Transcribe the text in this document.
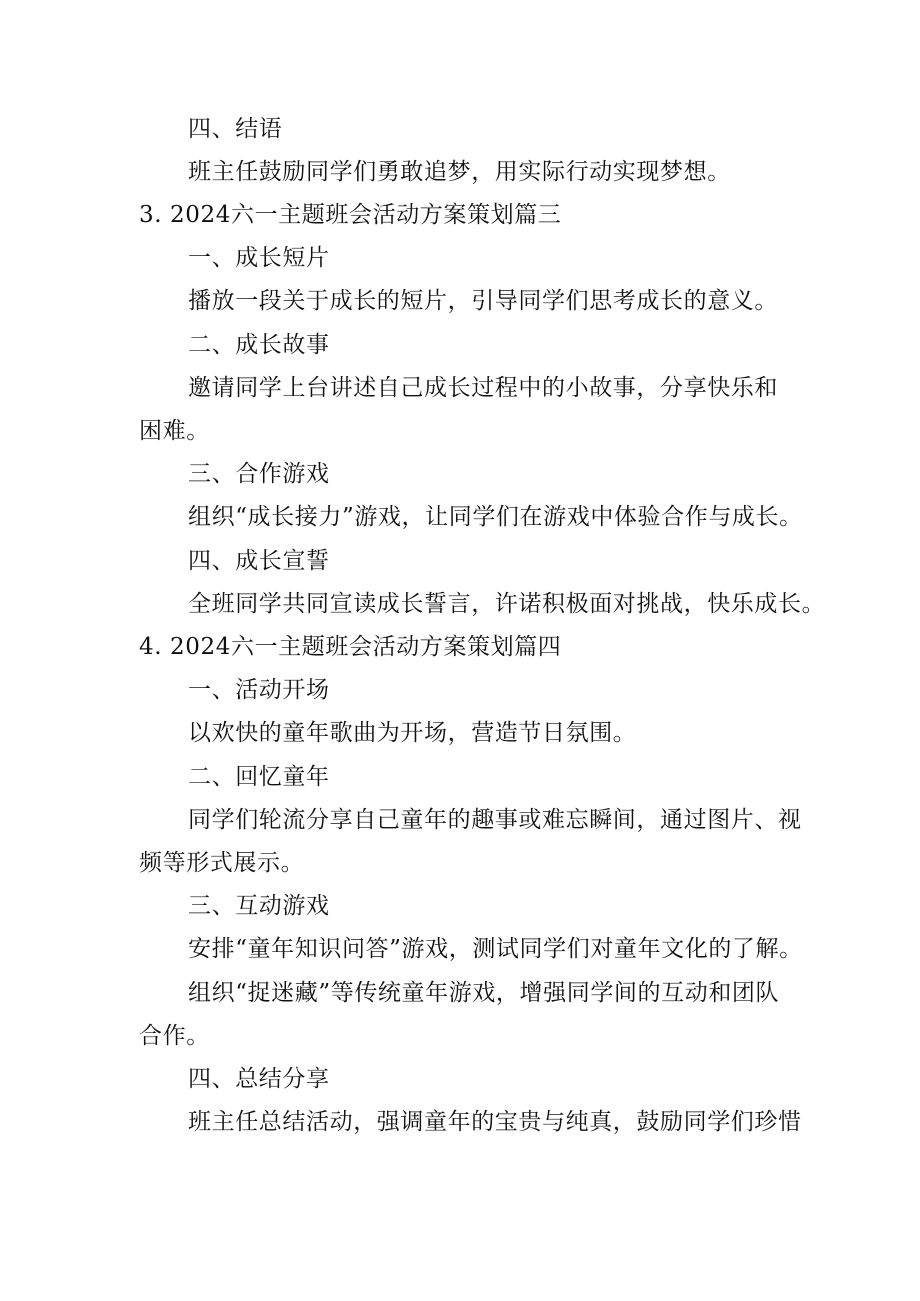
四、结语
班主任鼓励同学们勇敢追梦，用实际行动实现梦想。
3. 2024六一主题班会活动方案策划篇三
一、成长短片
播放一段关于成长的短片，引导同学们思考成长的意义。
二、成长故事
邀请同学上台讲述自己成长过程中的小故事，分享快乐和
困难。
三、合作游戏
组织“成长接力”游戏，让同学们在游戏中体验合作与成长。
四、成长宣誓
全班同学共同宣读成长誓言，许诺积极面对挑战，快乐成长。
4. 2024六一主题班会活动方案策划篇四
一、活动开场
以欢快的童年歌曲为开场，营造节日氛围。
二、回忆童年
同学们轮流分享自己童年的趣事或难忘瞬间，通过图片、视
频等形式展示。
三、互动游戏
安排“童年知识问答”游戏，测试同学们对童年文化的了解。
组织“捉迷藏”等传统童年游戏，增强同学间的互动和团队
合作。
四、总结分享
班主任总结活动，强调童年的宝贵与纯真，鼓励同学们珍惜
